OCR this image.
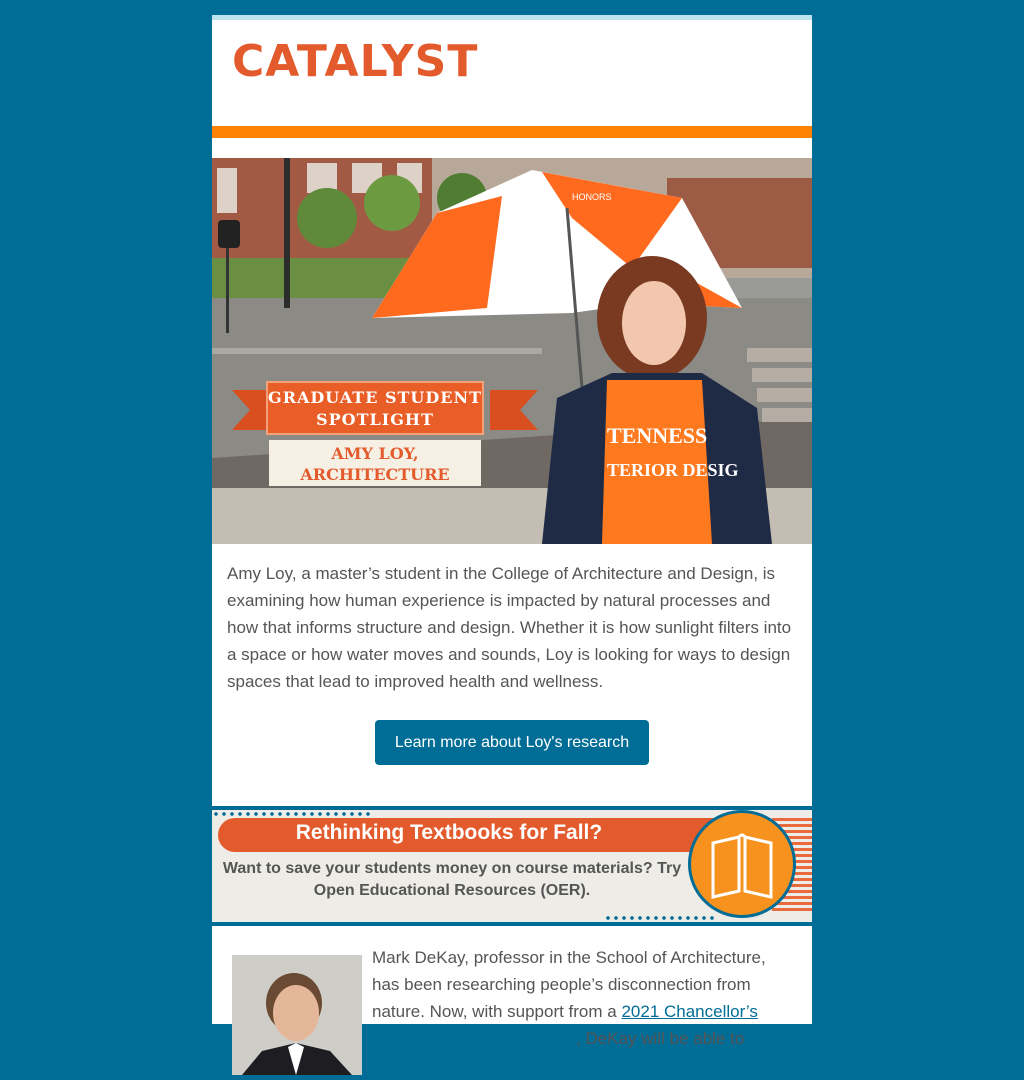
CATALYST
HONORS
TENNESS
TERIOR DESIG
GRADUATE STUDENT SPOTLIGHT
AMY LOY, ARCHITECTURE
Amy Loy, a master’s student in the College of Architecture and Design, is examining how human experience is impacted by natural processes and how that informs structure and design. Whether it is how sunlight filters into a space or how water moves and sounds, Loy is looking for ways to design spaces that lead to improved health and wellness.
Learn more about Loy's research
Rethinking Textbooks for Fall?
Want to save your students money on course materials? Try Open Educational Resources (OER).
Mark DeKay, professor in the School of Architecture, has been researching people’s disconnection from nature. Now, with support from a 2021 Chancellor’s Grant for Faculty Research, DeKay will be able to
